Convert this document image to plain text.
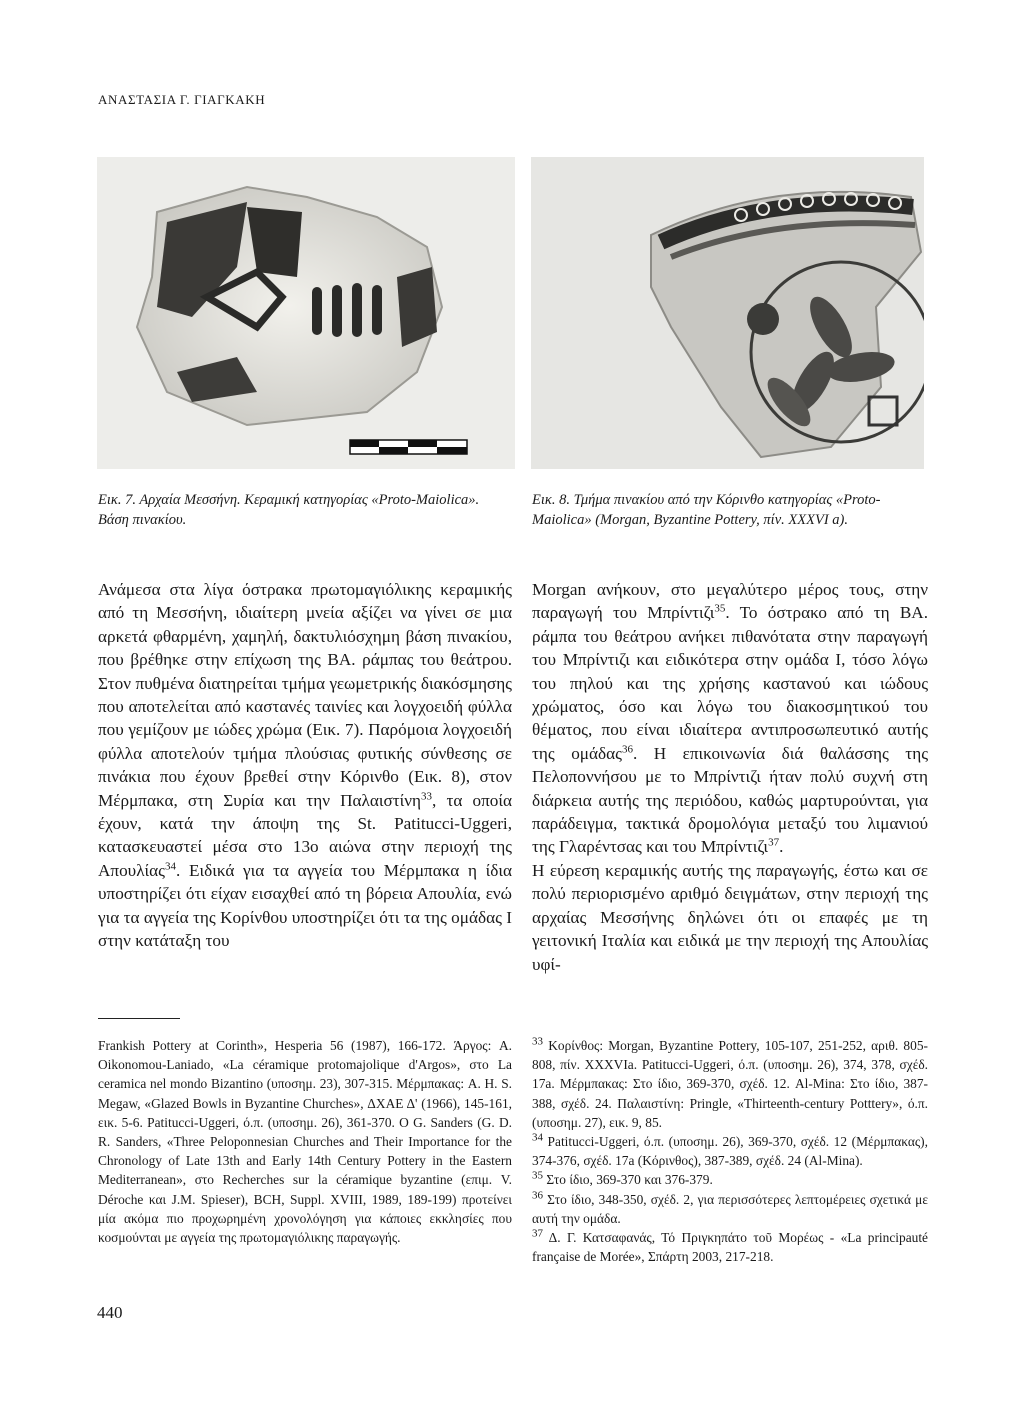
ΑΝΑΣΤΑΣΙΑ Γ. ΓΙΑΓΚΑΚΗ
Εικ. 7. Αρχαία Μεσσήνη. Κεραμική κατηγορίας «Proto-Maiolica». Βάση πινακίου.
Εικ. 8. Τμήμα πινακίου από την Κόρινθο κατηγορίας «Proto-Maiolica» (Morgan, Byzantine Pottery, πίν. XXXVI a).

Ανάμεσα στα λίγα όστρακα πρωτομαγιόλικης κεραμικής από τη Μεσσήνη, ιδιαίτερη μνεία αξίζει να γίνει σε μια αρκετά φθαρμένη, χαμηλή, δακτυλιόσχημη βάση πινακίου, που βρέθηκε στην επίχωση της ΒΑ. ράμπας του θεάτρου. Στον πυθμένα διατηρείται τμήμα γεωμετρικής διακόσμησης που αποτελείται από καστανές ταινίες και λογχοειδή φύλλα που γεμίζουν με ιώδες χρώμα (Εικ. 7). Παρόμοια λογχοειδή φύλλα αποτελούν τμήμα πλούσιας φυτικής σύνθεσης σε πινάκια που έχουν βρεθεί στην Κόρινθο (Εικ. 8), στον Μέρμπακα, στη Συρία και την Παλαιστίνη$^{33}$, τα οποία έχουν, κατά την άποψη της St. Patitucci-Uggeri, κατασκευαστεί μέσα στο 13ο αιώνα στην περιοχή της Απουλίας$^{34}$. Ειδικά για τα αγγεία του Μέρμπακα η ίδια υποστηρίζει ότι είχαν εισαχθεί από τη βόρεια Απουλία, ενώ για τα αγγεία της Κορίνθου υποστηρίζει ότι τα της ομάδας Ι στην κατάταξη του

Morgan ανήκουν, στο μεγαλύτερο μέρος τους, στην παραγωγή του Μπρίντιζι$^{35}$. Το όστρακο από τη ΒΑ. ράμπα του θεάτρου ανήκει πιθανότατα στην παραγωγή του Μπρίντιζι και ειδικότερα στην ομάδα Ι, τόσο λόγω του πηλού και της χρήσης καστανού και ιώδους χρώματος, όσο και λόγω του διακοσμητικού του θέματος, που είναι ιδιαίτερα αντιπροσωπευτικό αυτής της ομάδας$^{36}$. Η επικοινωνία διά θαλάσσης της Πελοποννήσου με το Μπρίντιζι ήταν πολύ συχνή στη διάρκεια αυτής της περιόδου, καθώς μαρτυρούνται, για παράδειγμα, τακτικά δρομολόγια μεταξύ του λιμανιού της Γλαρέντσας και του Μπρίντιζι$^{37}$.

Η εύρεση κεραμικής αυτής της παραγωγής, έστω και σε πολύ περιορισμένο αριθμό δειγμάτων, στην περιοχή της αρχαίας Μεσσήνης δηλώνει ότι οι επαφές με τη γειτονική Ιταλία και ειδικά με την περιοχή της Απουλίας υφί-

Frankish Pottery at Corinth», Hesperia 56 (1987), 166-172. Άργος: A. Oikonomou-Laniado, «La céramique protomajolique d'Argos», στο La ceramica nel mondo Bizantino (υποσημ. 23), 307-315. Μέρμπακας: A. H. S. Megaw, «Glazed Bowls in Byzantine Churches», ΔΧΑΕ Δ' (1966), 145-161, εικ. 5-6. Patitucci-Uggeri, ό.π. (υποσημ. 26), 361-370. O G. Sanders (G. D. R. Sanders, «Three Peloponnesian Churches and Their Importance for the Chronology of Late 13th and Early 14th Century Pottery in the Eastern Mediterranean», στο Recherches sur la céramique byzantine (επιμ. V. Déroche και J.M. Spieser), BCH, Suppl. XVIII, 1989, 189-199) προτείνει μία ακόμα πιο προχωρημένη χρονολόγηση για κάποιες εκκλησίες που κοσμούνται με αγγεία της πρωτομαγιόλικης παραγωγής.

$^{33}$ Κορίνθος: Morgan, Byzantine Pottery, 105-107, 251-252, αριθ. 805-808, πίν. XXXVIa. Patitucci-Uggeri, ό.π. (υποσημ. 26), 374, 378, σχέδ. 17a. Μέρμπακας: Στο ίδιο, 369-370, σχέδ. 12. Al-Mina: Στο ίδιο, 387-388, σχέδ. 24. Παλαιστίνη: Pringle, «Thirteenth-century Potttery», ό.π. (υποσημ. 27), εικ. 9, 85.

$^{34}$ Patitucci-Uggeri, ό.π. (υποσημ. 26), 369-370, σχέδ. 12 (Μέρμπακας), 374-376, σχέδ. 17a (Κόρινθος), 387-389, σχέδ. 24 (Al-Mina).

$^{35}$ Στο ίδιο, 369-370 και 376-379.

$^{36}$ Στο ίδιο, 348-350, σχέδ. 2, για περισσότερες λεπτομέρειες σχετικά με αυτή την ομάδα.

$^{37}$ Δ. Γ. Κατσαφανάς, Τό Πριγκηπάτο τοῦ Μορέως - «La principauté française de Morée», Σπάρτη 2003, 217-218.

440
